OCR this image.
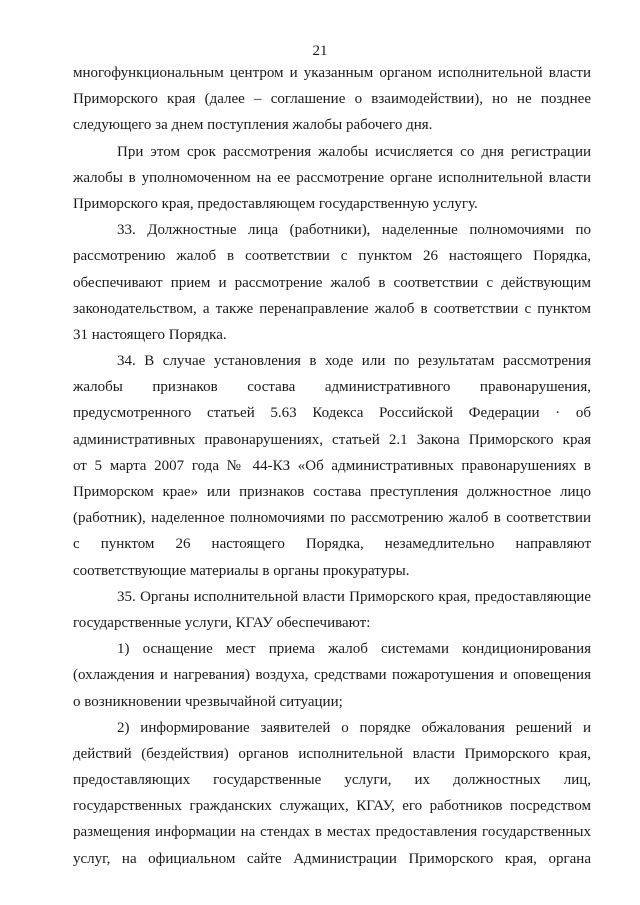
21
многофункциональным центром и указанным органом исполнительной власти
Приморского края (далее – соглашение о взаимодействии), но не позднее
следующего за днем поступления жалобы рабочего дня.
При этом срок рассмотрения жалобы исчисляется со дня регистрации
жалобы в уполномоченном на ее рассмотрение органе исполнительной власти
Приморского края, предоставляющем государственную услугу.
33. Должностные лица (работники), наделенные полномочиями по
рассмотрению жалоб в соответствии с пунктом 26 настоящего Порядка,
обеспечивают прием и рассмотрение жалоб в соответствии с действующим
законодательством, а также перенаправление жалоб в соответствии с пунктом
31 настоящего Порядка.
34. В случае установления в ходе или по результатам рассмотрения
жалобы признаков состава административного правонарушения,
предусмотренного статьей 5.63 Кодекса Российской Федерации · об
административных правонарушениях, статьей 2.1 Закона Приморского края
от 5 марта 2007 года № 44-КЗ «Об административных правонарушениях в
Приморском крае» или признаков состава преступления должностное лицо
(работник), наделенное полномочиями по рассмотрению жалоб в соответствии
с пунктом 26 настоящего Порядка, незамедлительно направляют
соответствующие материалы в органы прокуратуры.
35. Органы исполнительной власти Приморского края, предоставляющие
государственные услуги, КГАУ обеспечивают:
1) оснащение мест приема жалоб системами кондиционирования
(охлаждения и нагревания) воздуха, средствами пожаротушения и оповещения
о возникновении чрезвычайной ситуации;
2) информирование заявителей о порядке обжалования решений и
действий (бездействия) органов исполнительной власти Приморского края,
предоставляющих государственные услуги, их должностных лиц,
государственных гражданских служащих, КГАУ, его работников посредством
размещения информации на стендах в местах предоставления государственных
услуг, на официальном сайте Администрации Приморского края, органа
